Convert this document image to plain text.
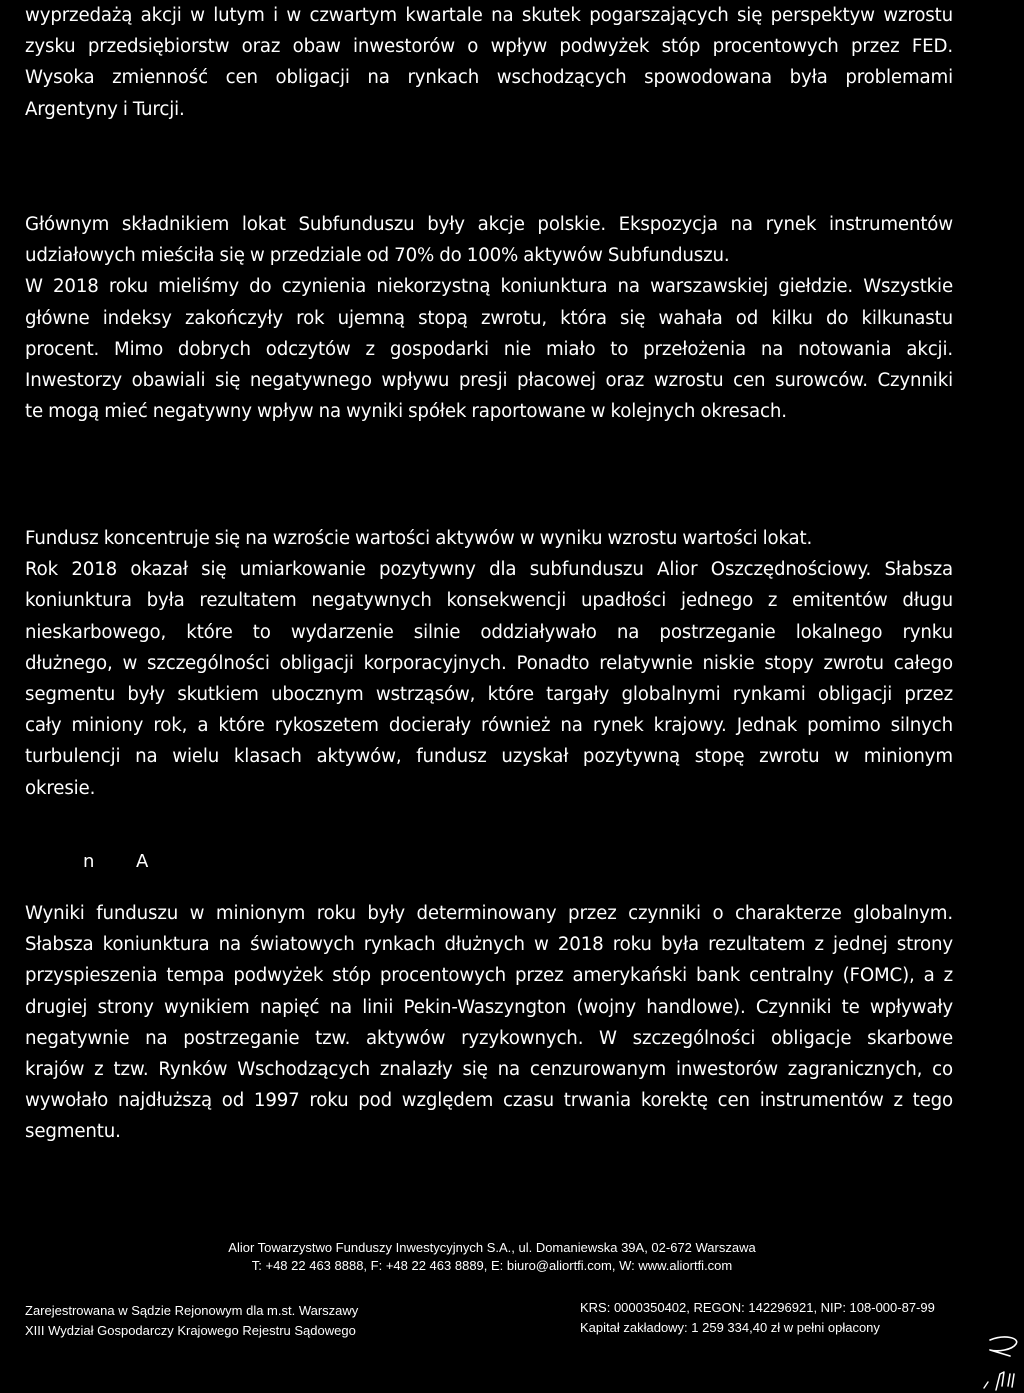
wyprzedażą akcji w lutym i w czwartym kwartale na skutek pogarszających się perspektyw wzrostu
zysku przedsiębiorstw oraz obaw inwestorów o wpływ podwyżek stóp procentowych przez FED.
Wysoka zmienność cen obligacji na rynkach wschodzących spowodowana była problemami
Argentyny i Turcji.
Głównym składnikiem lokat Subfunduszu były akcje polskie. Ekspozycja na rynek instrumentów
udziałowych mieściła się w przedziale od 70% do 100% aktywów Subfunduszu.
W 2018 roku mieliśmy do czynienia niekorzystną koniunktura na warszawskiej giełdzie. Wszystkie
główne indeksy zakończyły rok ujemną stopą zwrotu, która się wahała od kilku do kilkunastu
procent. Mimo dobrych odczytów z gospodarki nie miało to przełożenia na notowania akcji.
Inwestorzy obawiali się negatywnego wpływu presji płacowej oraz wzrostu cen surowców. Czynniki
te mogą mieć negatywny wpływ na wyniki spółek raportowane w kolejnych okresach.
Fundusz koncentruje się na wzroście wartości aktywów w wyniku wzrostu wartości lokat.
Rok 2018 okazał się umiarkowanie pozytywny dla subfunduszu Alior Oszczędnościowy. Słabsza
koniunktura była rezultatem negatywnych konsekwencji upadłości jednego z emitentów długu
nieskarbowego, które to wydarzenie silnie oddziaływało na postrzeganie lokalnego rynku
dłużnego, w szczególności obligacji korporacyjnych. Ponadto relatywnie niskie stopy zwrotu całego
segmentu były skutkiem ubocznym wstrząsów, które targały globalnymi rynkami obligacji przez
cały miniony rok, a które rykoszetem docierały również na rynek krajowy. Jednak pomimo silnych
turbulencji na wielu klasach aktywów, fundusz uzyskał pozytywną stopę zwrotu w minionym
okresie.
n A
Wyniki funduszu w minionym roku były determinowany przez czynniki o charakterze globalnym.
Słabsza koniunktura na światowych rynkach dłużnych w 2018 roku była rezultatem z jednej strony
przyspieszenia tempa podwyżek stóp procentowych przez amerykański bank centralny (FOMC), a z
drugiej strony wynikiem napięć na linii Pekin-Waszyngton (wojny handlowe). Czynniki te wpływały
negatywnie na postrzeganie tzw. aktywów ryzykownych. W szczególności obligacje skarbowe
krajów z tzw. Rynków Wschodzących znalazły się na cenzurowanym inwestorów zagranicznych, co
wywołało najdłuższą od 1997 roku pod względem czasu trwania korektę cen instrumentów z tego
segmentu.
Alior Towarzystwo Funduszy Inwestycyjnych S.A., ul. Domaniewska 39A, 02-672 Warszawa
T: +48 22 463 8888, F: +48 22 463 8889, E: biuro@aliortfi.com, W: www.aliortfi.com
Zarejestrowana w Sądzie Rejonowym dla m.st. Warszawy
XIII Wydział Gospodarczy Krajowego Rejestru Sądowego
KRS: 0000350402, REGON: 142296921, NIP: 108-000-87-99
Kapitał zakładowy: 1 259 334,40 zł w pełni opłacony
